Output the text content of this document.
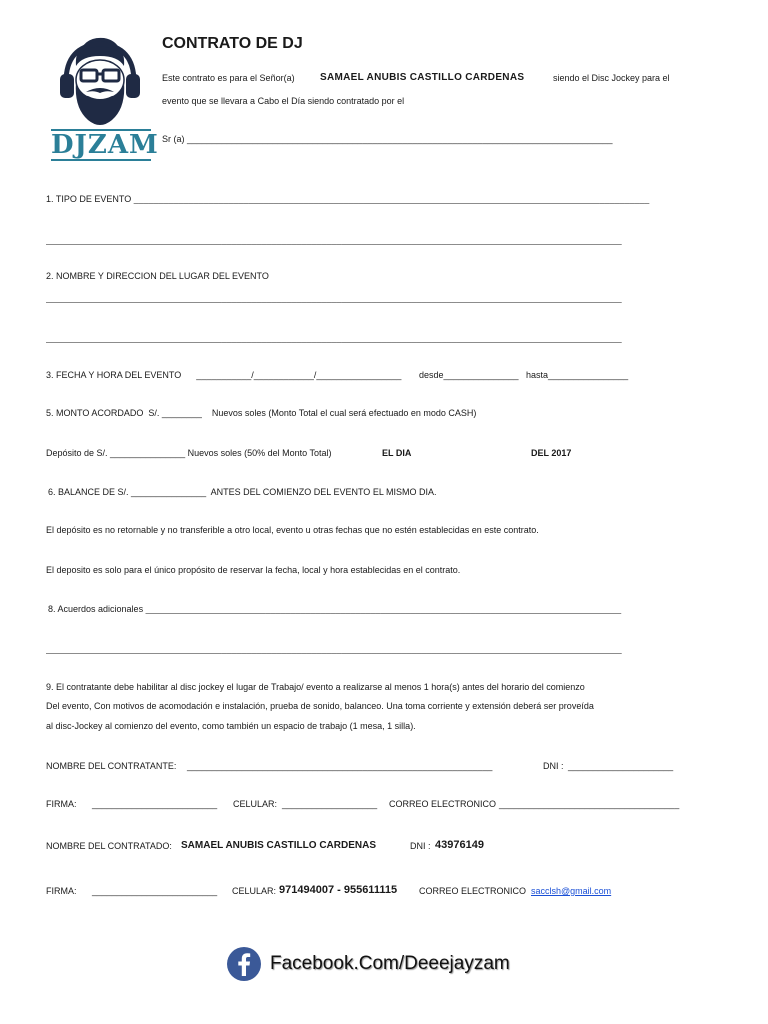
DJZAM
CONTRATO DE DJ
Este contrato es para el Señor(a)	SAMAEL ANUBIS CASTILLO CARDENAS	siendo el Disc Jockey para el
evento que se llevara a Cabo el Día siendo contratado por el
Sr (a) _____________________________________________________________________________________
1. TIPO DE EVENTO _______________________________________________________________________________________________________
___________________________________________________________________________________________________________________
2. NOMBRE Y DIRECCION DEL LUGAR DEL EVENTO
___________________________________________________________________________________________________________________
___________________________________________________________________________________________________________________
3. FECHA Y HORA DEL EVENTO      ___________/____________/_________________       desde_______________   hasta________________
5. MONTO ACORDADO  S/. ________    Nuevos soles (Monto Total el cual será efectuado en modo CASH)
Depósito de S/. _______________ Nuevos soles (50% del Monto Total)	EL DIA	DEL 2017
6. BALANCE DE S/. _______________  ANTES DEL COMIENZO DEL EVENTO EL MISMO DIA.
El depósito es no retornable y no transferible a otro local, evento u otras fechas que no estén establecidas en este contrato.
El deposito es solo para el único propósito de reservar la fecha, local y hora establecidas en el contrato.
8. Acuerdos adicionales _______________________________________________________________________________________________
___________________________________________________________________________________________________________________
9. El contratante debe habilitar al disc jockey el lugar de Trabajo/ evento a realizarse al menos 1 hora(s) antes del horario del comienzo
Del evento, Con motivos de acomodación e instalación, prueba de sonido, balanceo. Una toma corriente y extensión deberá ser proveída
al disc-Jockey al comienzo del evento, como también un espacio de trabajo (1 mesa, 1 silla).
NOMBRE DEL CONTRATANTE: _____________________________________________________________	DNI : _____________________
FIRMA: _________________________ CELULAR: ___________________ CORREO ELECTRONICO ____________________________________
NOMBRE DEL CONTRATADO: SAMAEL ANUBIS CASTILLO CARDENAS	DNI : 43976149
FIRMA: _________________________ CELULAR: 971494007 - 955611115 CORREO ELECTRONICO sacclsh@gmail.com
Facebook.Com/Deeejayzam
